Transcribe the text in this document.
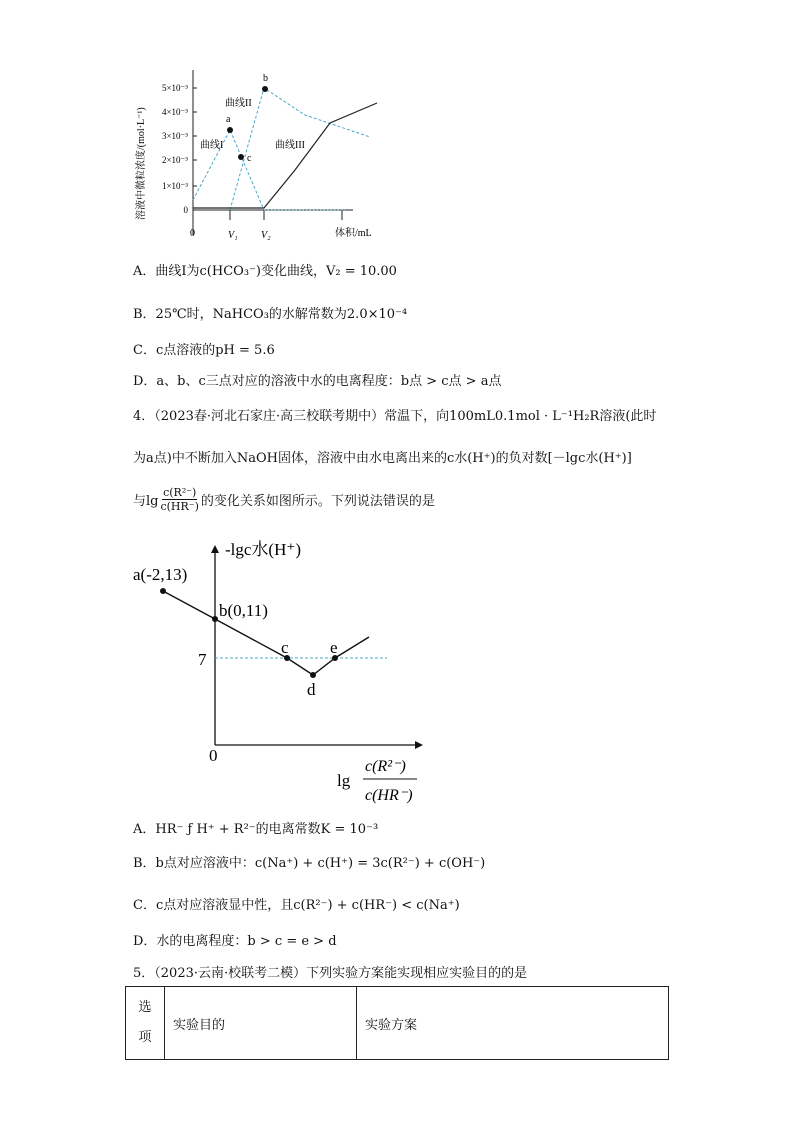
5×10⁻³
4×10⁻³
3×10⁻³
2×10⁻³
1×10⁻³
0
溶液中微粒浓度/(mol·L⁻¹)
0	V₁ V₂	体积/mL
a
b
c
曲线I
曲线II
曲线III
A．曲线I为c(HCO₃⁻)变化曲线，V₂ = 10.00
B．25℃时，NaHCO₃的水解常数为2.0×10⁻⁴
C．c点溶液的pH = 5.6
D．a、b、c三点对应的溶液中水的电离程度：b点 > c点 > a点
4．（2023春·河北石家庄·高三校联考期中）常温下，向100mL0.1mol · L⁻¹H₂R溶液(此时
为a点)中不断加入NaOH固体，溶液中由水电离出来的c水(H⁺)的负对数[－lgc水(H⁺)]
与$\lg \frac{\text{c(R²⁻)}}{c(HR^-)}$ 的变化关系如图所示。下列说法错误的是
a(-2,13)
b(0,11)
c
d
e
7
0
-lgc水(H⁺)
lg
c(R²⁻)
c(HR⁻)
A．HR⁻ ƒ H⁺ + R²⁻的电离常数K = 10⁻³
B．b点对应溶液中：c(Na⁺) + c(H⁺) = 3c(R²⁻) + c(OH⁻)
C．c点对应溶液显中性，且c(R²⁻) + c(HR⁻) < c(Na⁺)
D．水的电离程度：b > c = e > d
5．（2023·云南·校联考二模）下列实验方案能实现相应实验目的的是
选项	实验目的	实验方案
